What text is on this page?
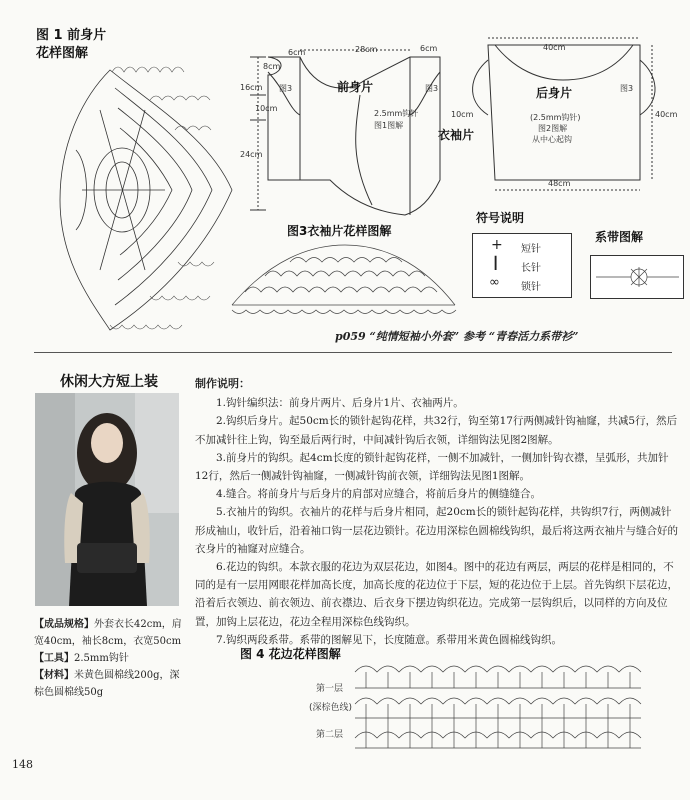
图 1 前身片
花样图解	28cm
6cm	6cm
8cm
16cm
10cm
24cm
10cm
40cm
40cm
48cm
图3	图3	图3
前身片	后身片
衣袖片
2.5mm钩针
图1图解
(2.5mm钩针)
图2图解
从中心起钩
图3衣袖片花样图解
符号说明
+ 短针
┃ 长针
∞ 锁针
系带图解
p059 “纯情短袖小外套” 参考 “青春活力系带衫”
休闲大方短上装
【成品规格】外套衣长42cm，肩宽40cm，袖长8cm，衣宽50cm
【工具】2.5mm钩针
【材料】米黄色圆棉线200g，深棕色圆棉线50g

制作说明：

1.钩针编织法：前身片两片、后身片1片、衣袖两片。

2.钩织后身片。起50cm长的锁针起钩花样，共32行，钩至第17行两侧减针钩袖窿，共减5行，然后不加减针往上钩，钩至最后两行时，中间减针钩后衣领，详细钩法见图2图解。

3.前身片的钩织。起4cm长度的锁针起钩花样，一侧不加减针，一侧加针钩衣襟，呈弧形，共加针12行，然后一侧减针钩袖窿，一侧减针钩前衣领，详细钩法见图1图解。

4.缝合。将前身片与后身片的肩部对应缝合，将前后身片的侧缝缝合。

5.衣袖片的钩织。衣袖片的花样与后身片相同，起20cm长的锁针起钩花样，共钩织7行，两侧减针形成袖山，收针后，沿着袖口钩一层花边锁针。花边用深棕色圆棉线钩织，最后将这两衣袖片与缝合好的衣身片的袖窿对应缝合。

6.花边的钩织。本款衣服的花边为双层花边，如图4。图中的花边有两层，两层的花样是相同的，不同的是有一层用网眼花样加高长度，加高长度的花边位于下层，短的花边位于上层。首先钩织下层花边，沿着后衣领边、前衣领边、前衣襟边、后衣身下摆边钩织花边。完成第一层钩织后，以同样的方向及位置，加钩上层花边，花边全程用深棕色线钩织。

7.钩织两段系带。系带的图解见下，长度随意。系带用米黄色圆棉线钩织。

图 4 花边花样图解
第一层
(深棕色线)
第二层
148
